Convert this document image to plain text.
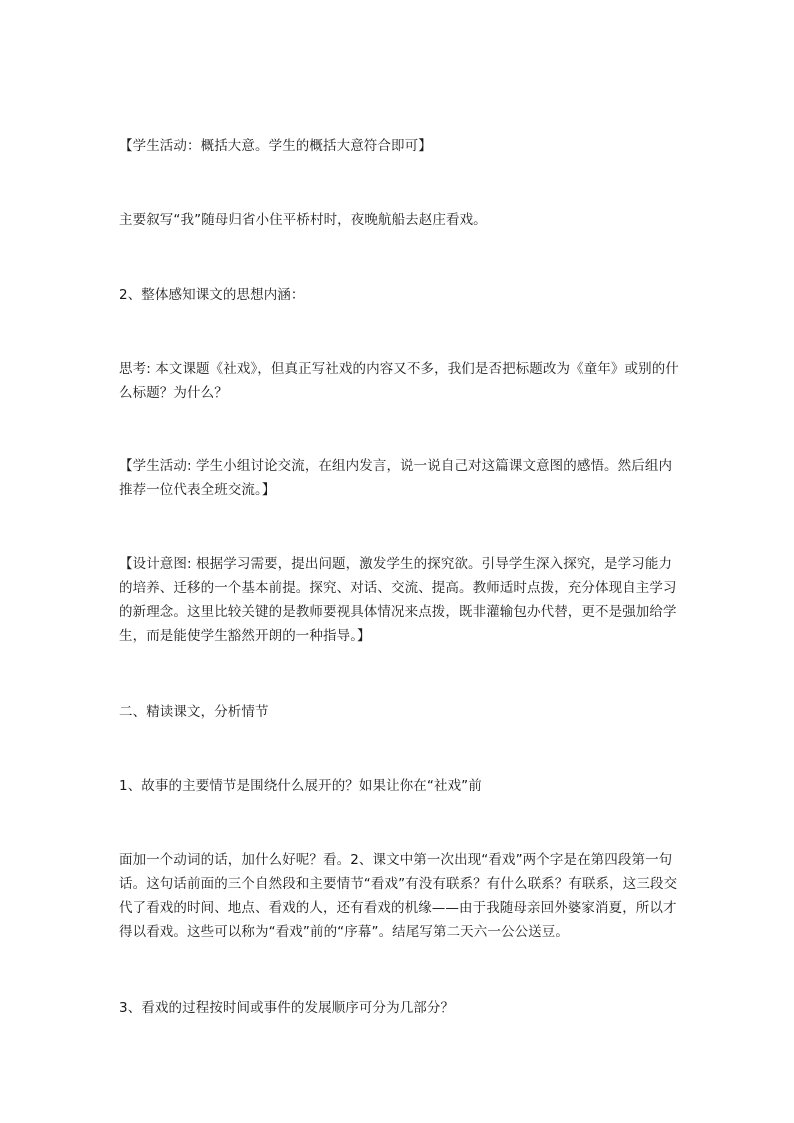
【学生活动：概括大意。学生的概括大意符合即可】

主要叙写“我”随母归省小住平桥村时，夜晚航船去赵庄看戏。

2、整体感知课文的思想内涵：

思考: 本文课题《社戏》，但真正写社戏的内容又不多，我们是否把标题改为《童年》或别的什么标题？为什么？

【学生活动: 学生小组讨论交流，在组内发言，说一说自己对这篇课文意图的感悟。然后组内推荐一位代表全班交流。】

【设计意图: 根据学习需要，提出问题，激发学生的探究欲。引导学生深入探究，是学习能力的培养、迁移的一个基本前提。探究、对话、交流、提高。教师适时点拨，充分体现自主学习的新理念。这里比较关键的是教师要视具体情况来点拨，既非灌输包办代替，更不是强加给学生，而是能使学生豁然开朗的一种指导。】

二、精读课文，分析情节

1、故事的主要情节是围绕什么展开的？如果让你在“社戏”前

面加一个动词的话，加什么好呢？看。2、课文中第一次出现“看戏”两个字是在第四段第一句话。这句话前面的三个自然段和主要情节“看戏”有没有联系？有什么联系？有联系，这三段交代了看戏的时间、地点、看戏的人，还有看戏的机缘——由于我随母亲回外婆家消夏，所以才得以看戏。这些可以称为“看戏”前的“序幕”。结尾写第二天六一公公送豆。

3、看戏的过程按时间或事件的发展顺序可分为几部分？
